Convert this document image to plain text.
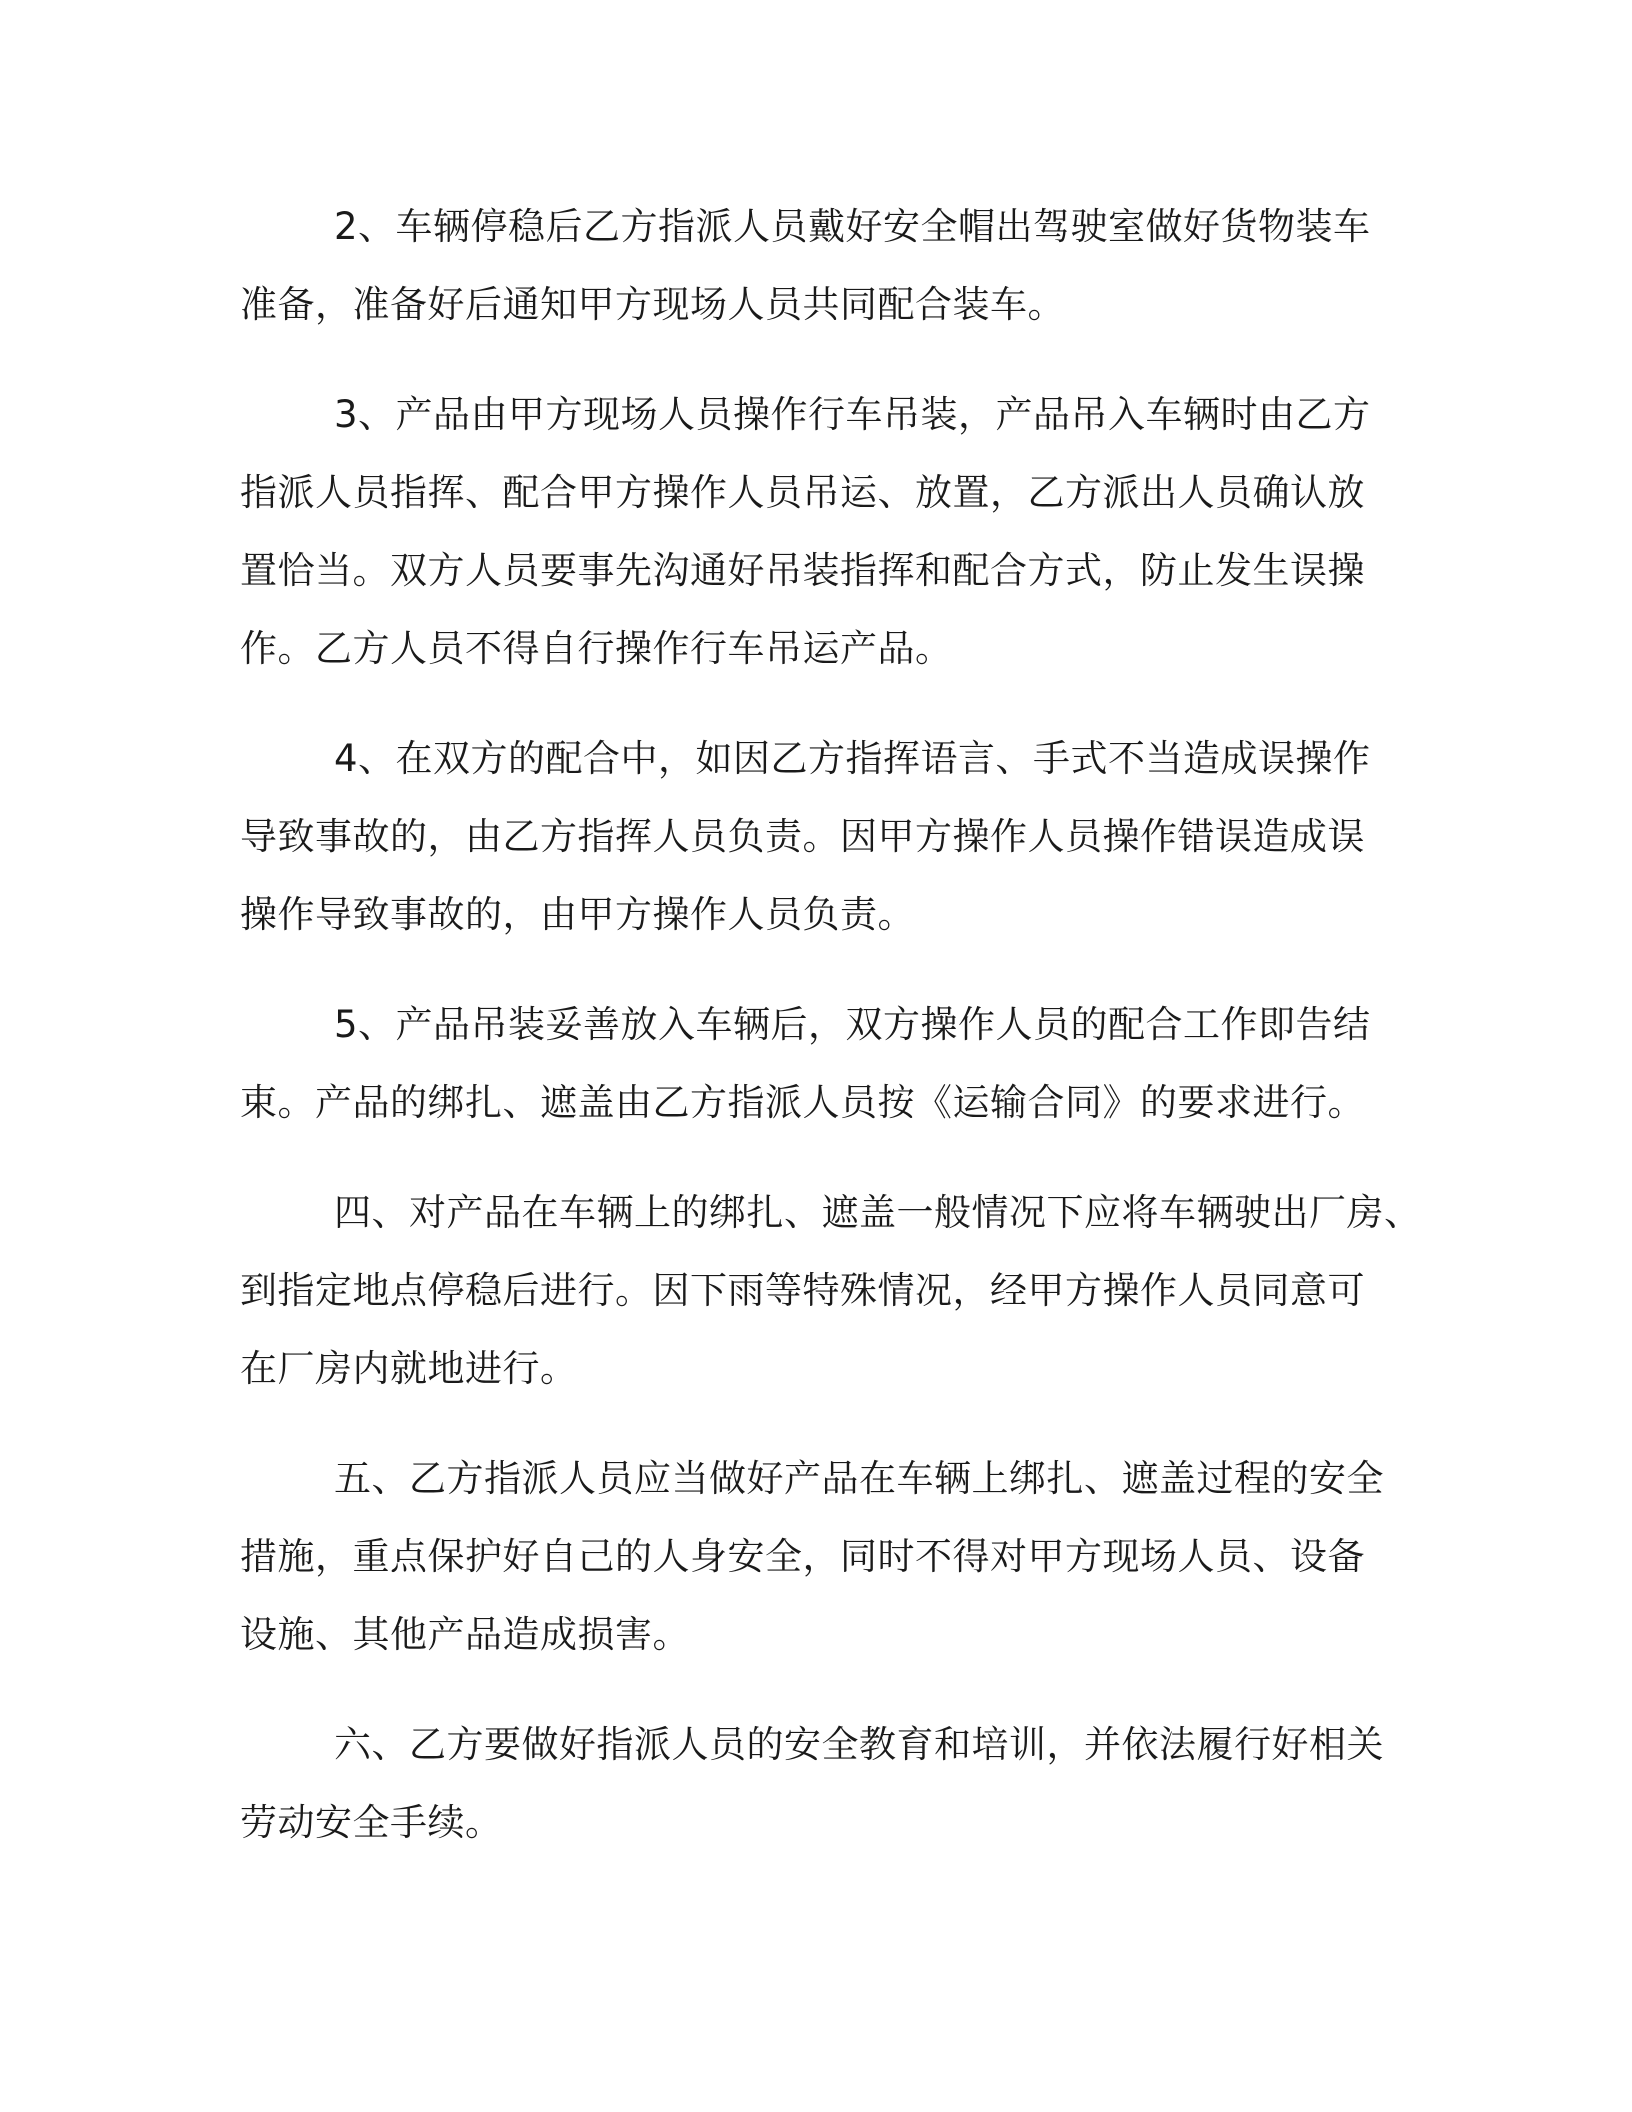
2、车辆停稳后乙方指派人员戴好安全帽出驾驶室做好货物装车
准备，准备好后通知甲方现场人员共同配合装车。

3、产品由甲方现场人员操作行车吊装，产品吊入车辆时由乙方
指派人员指挥、配合甲方操作人员吊运、放置，乙方派出人员确认放
置恰当。双方人员要事先沟通好吊装指挥和配合方式，防止发生误操
作。乙方人员不得自行操作行车吊运产品。

4、在双方的配合中，如因乙方指挥语言、手式不当造成误操作
导致事故的，由乙方指挥人员负责。因甲方操作人员操作错误造成误
操作导致事故的，由甲方操作人员负责。

5、产品吊装妥善放入车辆后，双方操作人员的配合工作即告结
束。产品的绑扎、遮盖由乙方指派人员按《运输合同》的要求进行。

四、对产品在车辆上的绑扎、遮盖一般情况下应将车辆驶出厂房、
到指定地点停稳后进行。因下雨等特殊情况，经甲方操作人员同意可
在厂房内就地进行。

五、乙方指派人员应当做好产品在车辆上绑扎、遮盖过程的安全
措施，重点保护好自己的人身安全，同时不得对甲方现场人员、设备
设施、其他产品造成损害。

六、乙方要做好指派人员的安全教育和培训，并依法履行好相关
劳动安全手续。
